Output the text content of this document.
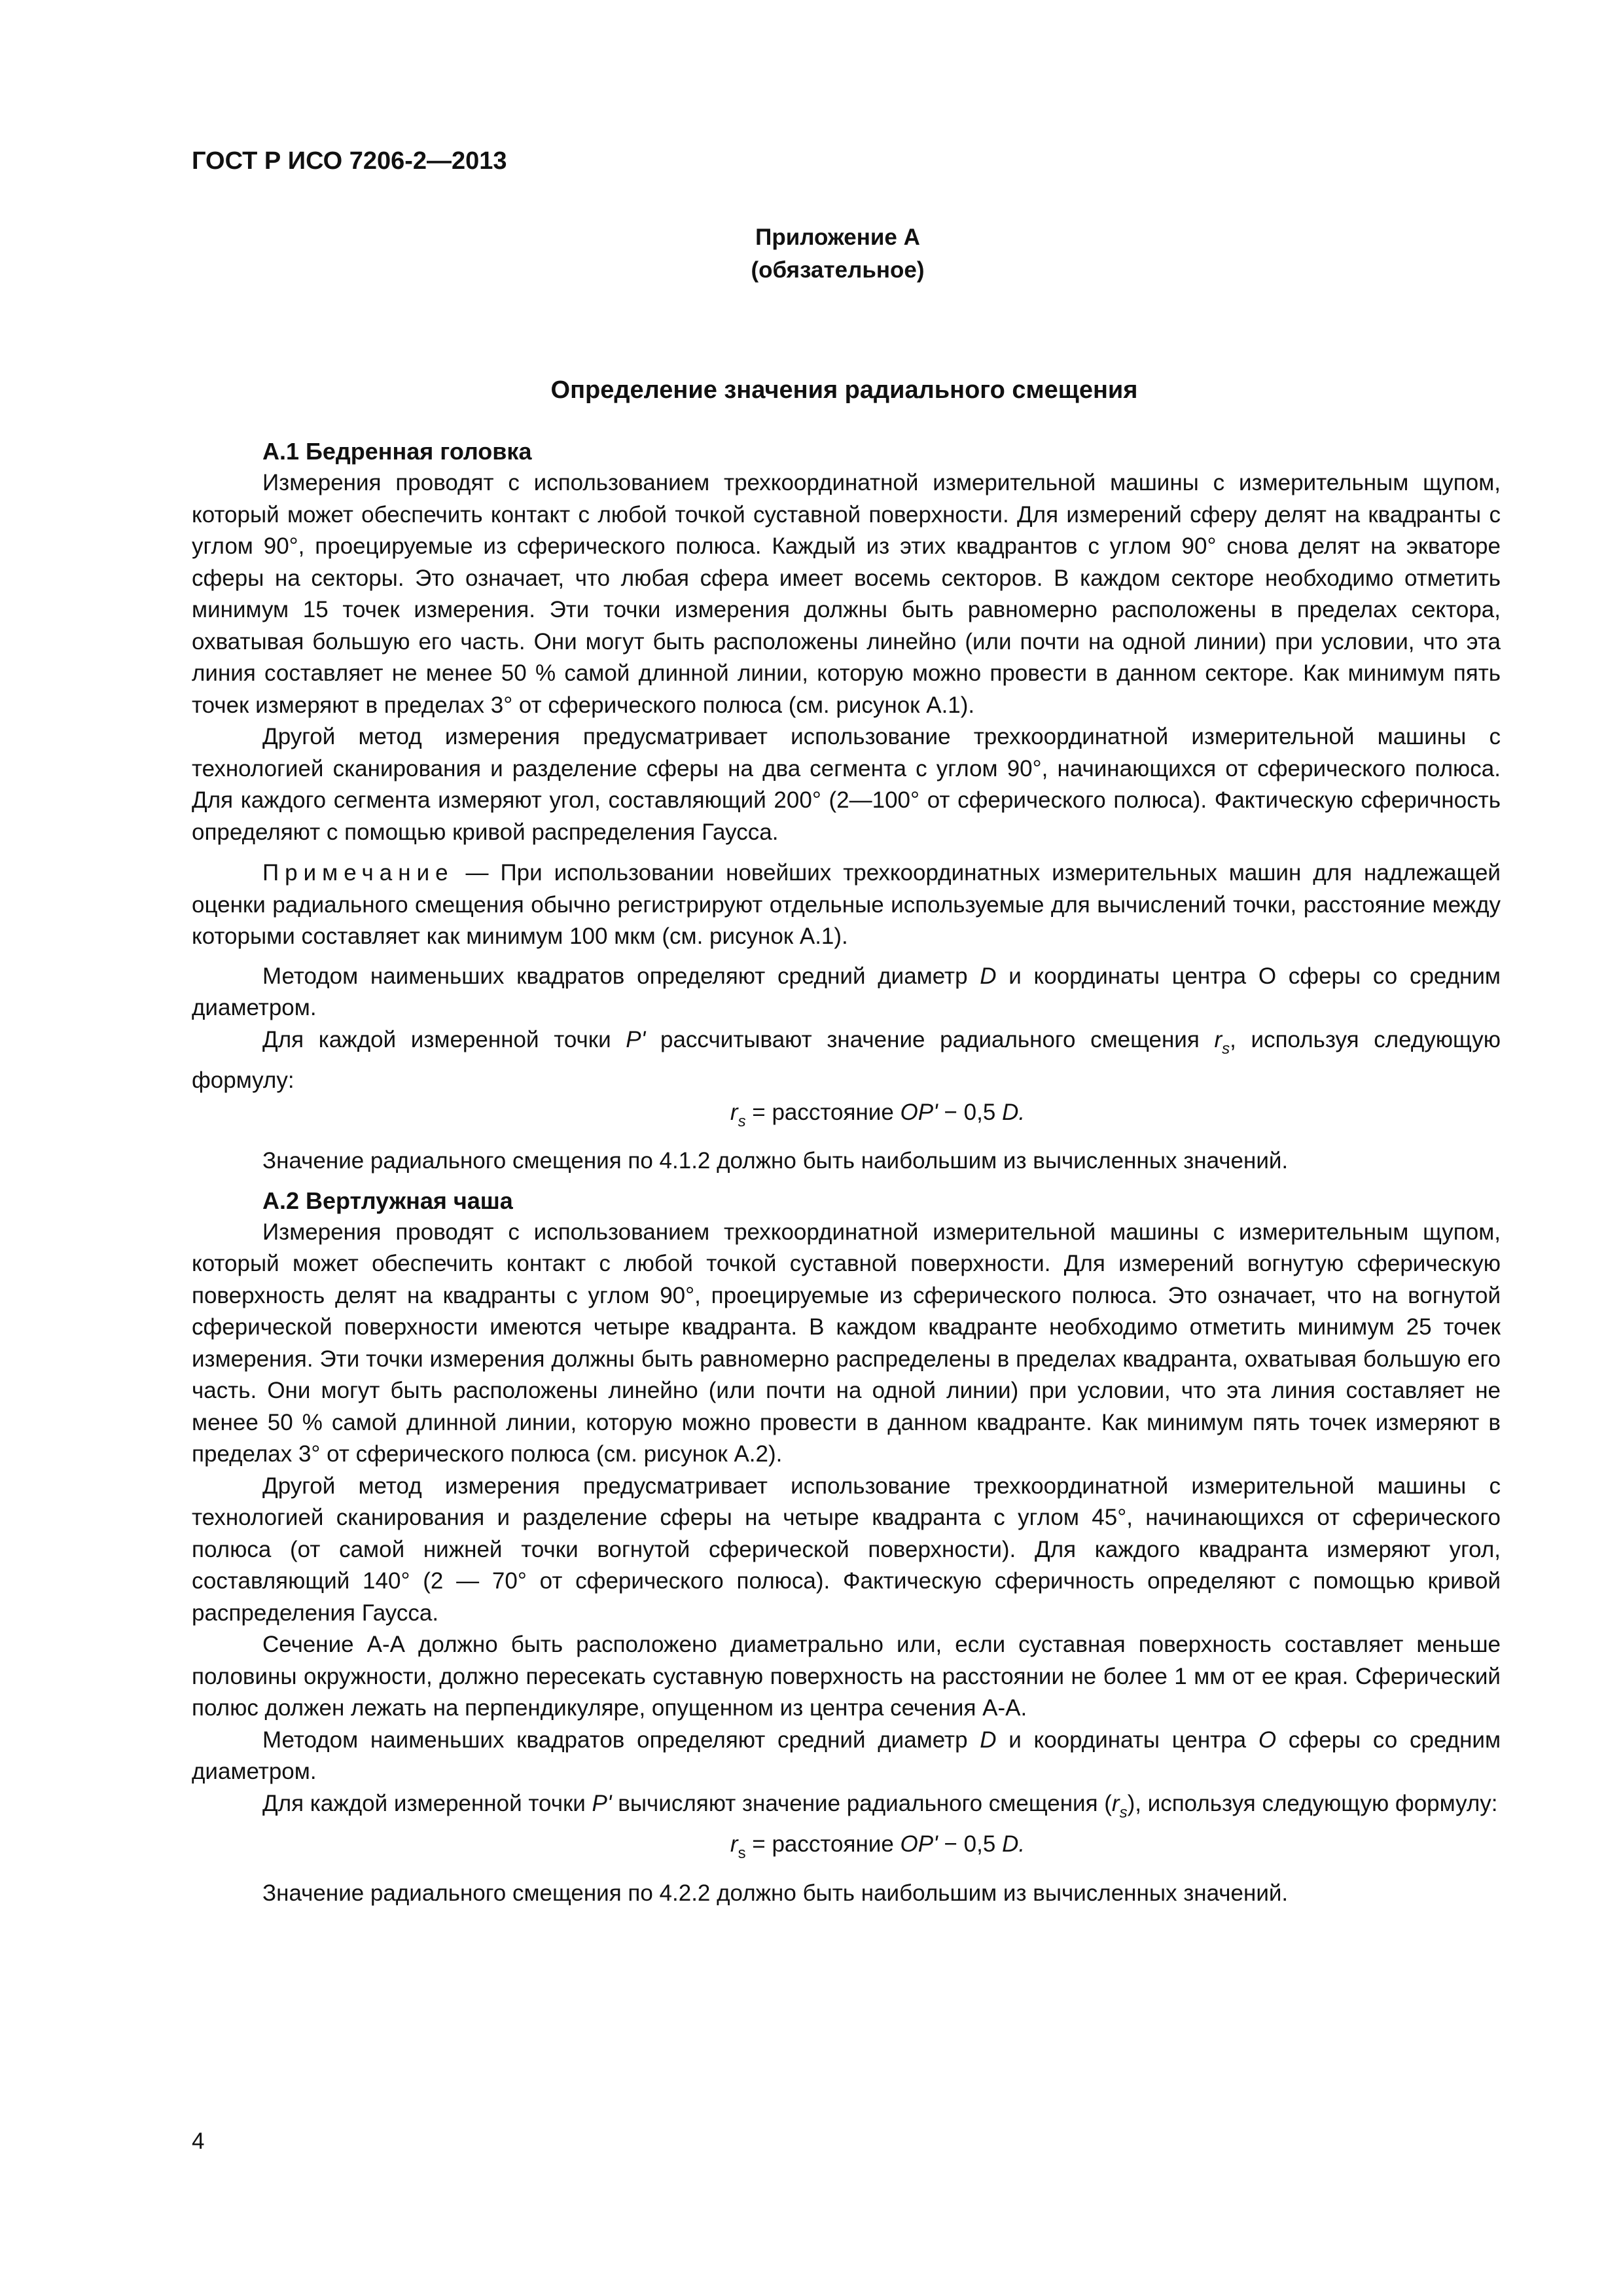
ГОСТ Р ИСО 7206-2—2013
Приложение А
(обязательное)
Определение значения радиального смещения
А.1 Бедренная головка

Измерения проводят с использованием трехкоординатной измерительной машины с измерительным щупом, который может обеспечить контакт с любой точкой суставной поверхности. Для измерений сферу делят на квадранты с углом 90°, проецируемые из сферического полюса. Каждый из этих квадрантов с углом 90° снова делят на экваторе сферы на секторы. Это означает, что любая сфера имеет восемь секторов. В каждом секторе необходимо отметить минимум 15 точек измерения. Эти точки измерения должны быть равномерно расположены в пределах сектора, охватывая большую его часть. Они могут быть расположены линейно (или почти на одной линии) при условии, что эта линия составляет не менее 50 % самой длинной линии, которую можно провести в данном секторе. Как минимум пять точек измеряют в пределах 3° от сферического полюса (см. рисунок А.1).

Другой метод измерения предусматривает использование трехкоординатной измерительной машины с технологией сканирования и разделение сферы на два сегмента с углом 90°, начинающихся от сферического полюса. Для каждого сегмента измеряют угол, составляющий 200° (2—100° от сферического полюса). Фактическую сферичность определяют с помощью кривой распределения Гаусса.

Примечание — При использовании новейших трехкоординатных измерительных машин для надлежащей оценки радиального смещения обычно регистрируют отдельные используемые для вычислений точки, расстояние между которыми составляет как минимум 100 мкм (см. рисунок А.1).

Методом наименьших квадратов определяют средний диаметр D и координаты центра О сферы со средним диаметром.

Для каждой измеренной точки P' рассчитывают значение радиального смещения $r_s$, используя следующую формулу:

$r_s$ = расстояние OP' − 0,5 D.

Значение радиального смещения по 4.1.2 должно быть наибольшим из вычисленных значений.

А.2 Вертлужная чаша

Измерения проводят с использованием трехкоординатной измерительной машины с измерительным щупом, который может обеспечить контакт с любой точкой суставной поверхности. Для измерений вогнутую сферическую поверхность делят на квадранты с углом 90°, проецируемые из сферического полюса. Это означает, что на вогнутой сферической поверхности имеются четыре квадранта. В каждом квадранте необходимо отметить минимум 25 точек измерения. Эти точки измерения должны быть равномерно распределены в пределах квадранта, охватывая большую его часть. Они могут быть расположены линейно (или почти на одной линии) при условии, что эта линия составляет не менее 50 % самой длинной линии, которую можно провести в данном квадранте. Как минимум пять точек измеряют в пределах 3° от сферического полюса (см. рисунок А.2).

Другой метод измерения предусматривает использование трехкоординатной измерительной машины с технологией сканирования и разделение сферы на четыре квадранта с углом 45°, начинающихся от сферического полюса (от самой нижней точки вогнутой сферической поверхности). Для каждого квадранта измеряют угол, составляющий 140° (2 — 70° от сферического полюса). Фактическую сферичность определяют с помощью кривой распределения Гаусса.

Сечение А-А должно быть расположено диаметрально или, если суставная поверхность составляет меньше половины окружности, должно пересекать суставную поверхность на расстоянии не более 1 мм от ее края. Сферический полюс должен лежать на перпендикуляре, опущенном из центра сечения А-А.

Методом наименьших квадратов определяют средний диаметр D и координаты центра O сферы со средним диаметром.

Для каждой измеренной точки P' вычисляют значение радиального смещения $(r_s)$, используя следующую формулу:

$r_s$ = расстояние OP' − 0,5 D.

Значение радиального смещения по 4.2.2 должно быть наибольшим из вычисленных значений.

4
